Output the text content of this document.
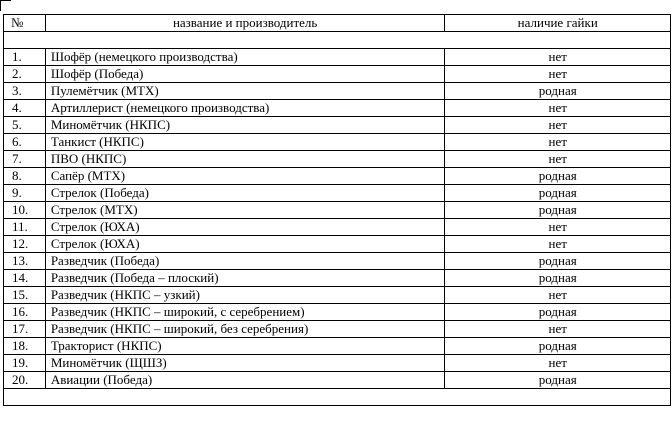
№	название и производитель	наличие гайки

1.	Шофёр (немецкого производства)	нет
2.	Шофёр (Победа)	нет
3.	Пулемётчик (МТХ)	родная
4.	Артиллерист (немецкого производства)	нет
5.	Миномётчик (НКПС)	нет
6.	Танкист (НКПС)	нет
7.	ПВО (НКПС)	нет
8.	Сапёр (МТХ)	родная
9.	Стрелок (Победа)	родная
10.	Стрелок (МТХ)	родная
11.	Стрелок (ЮХА)	нет
12.	Стрелок (ЮХА)	нет
13.	Разведчик (Победа)	родная
14.	Разведчик (Победа – плоский)	родная
15.	Разведчик (НКПС – узкий)	нет
16.	Разведчик (НКПС – широкий, с серебрением)	родная
17.	Разведчик (НКПС – широкий, без серебрения)	нет
18.	Тракторист (НКПС)	родная
19.	Миномётчик (ЩШЗ)	нет
20.	Авиации (Победа)	родная
